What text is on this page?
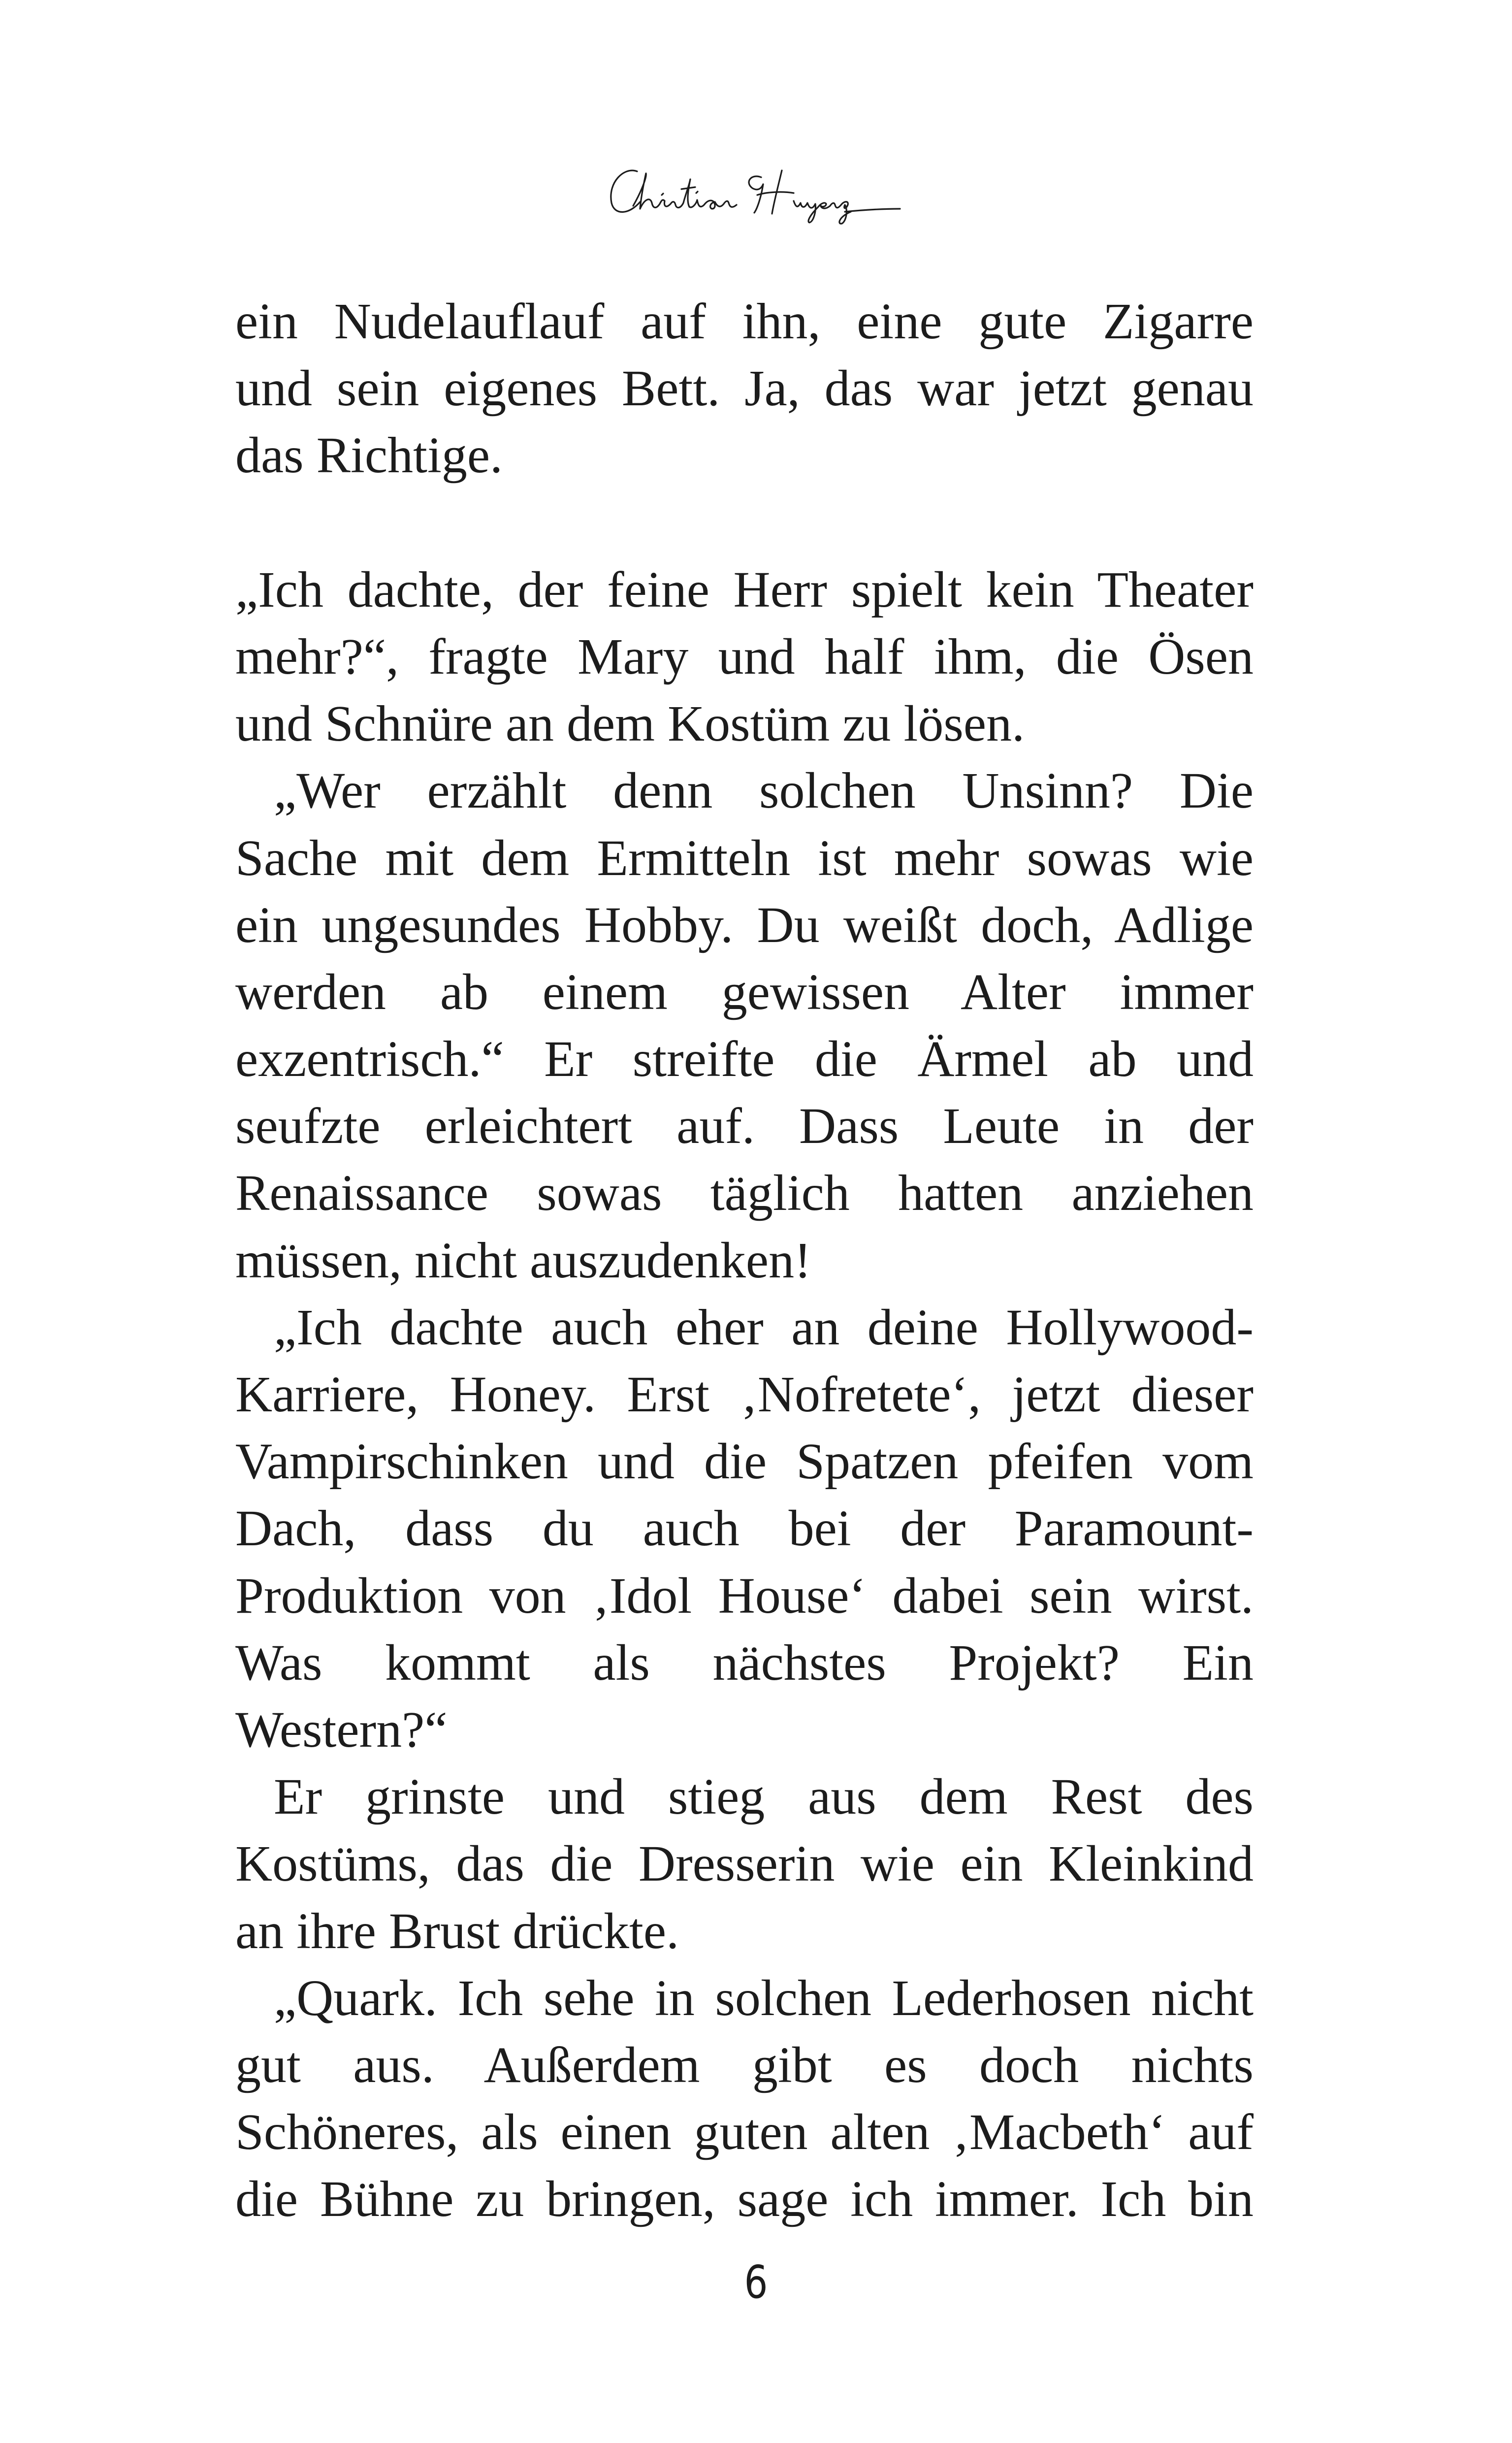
ein Nudelauflauf auf ihn, eine gute Zigarre
und sein eigenes Bett. Ja, das war jetzt genau
das Richtige.
„Ich dachte, der feine Herr spielt kein Theater
mehr?“, fragte Mary und half ihm, die Ösen
und Schnüre an dem Kostüm zu lösen.
„Wer erzählt denn solchen Unsinn? Die
Sache mit dem Ermitteln ist mehr sowas wie
ein ungesundes Hobby. Du weißt doch, Adlige
werden ab einem gewissen Alter immer
exzentrisch.“ Er streifte die Ärmel ab und
seufzte erleichtert auf. Dass Leute in der
Renaissance sowas täglich hatten anziehen
müssen, nicht auszudenken!
„Ich dachte auch eher an deine Hollywood-
Karriere, Honey. Erst ‚Nofretete‘, jetzt dieser
Vampirschinken und die Spatzen pfeifen vom
Dach, dass du auch bei der Paramount-
Produktion von ‚Idol House‘ dabei sein wirst.
Was kommt als nächstes Projekt? Ein
Western?“
Er grinste und stieg aus dem Rest des
Kostüms, das die Dresserin wie ein Kleinkind
an ihre Brust drückte.
„Quark. Ich sehe in solchen Lederhosen nicht
gut aus. Außerdem gibt es doch nichts
Schöneres, als einen guten alten ‚Macbeth‘ auf
die Bühne zu bringen, sage ich immer. Ich bin
6
